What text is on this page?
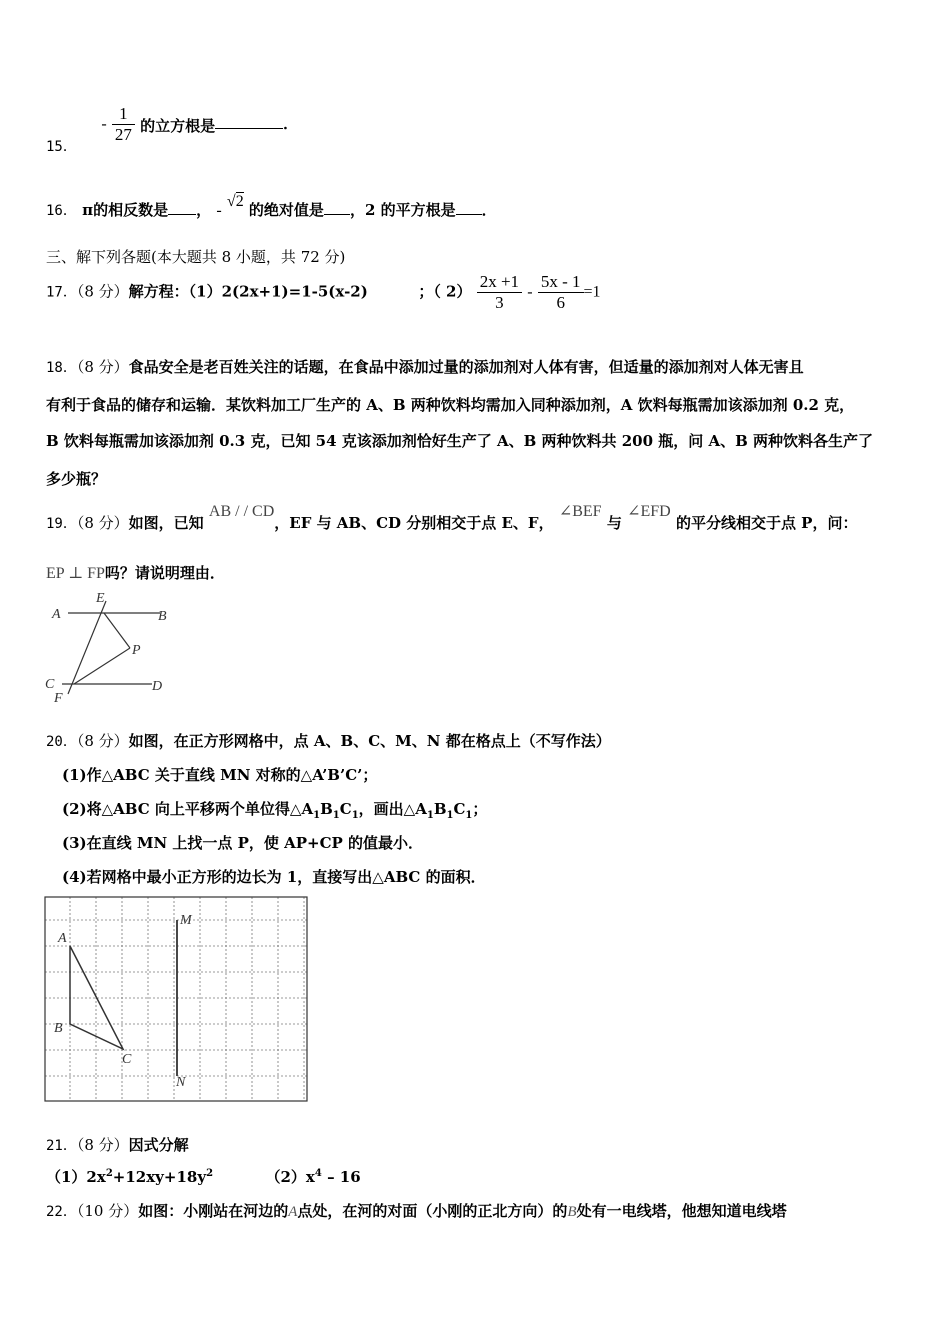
15．  - $\frac{1}{27}$ 的立方根是	．
16． π的相反数是 ， - √2 的绝对值是 ，2 的平方根是 ．
三、解下列各题(本大题共 8 小题，共 72 分)
17．（8 分）解方程：（1）2(2x+1)=1-5(x-2)	；（ $2) \frac{2x +1}{3} - \frac{5x - 1}{6} =1$
18．（8 分）食品安全是老百姓关注的话题，在食品中添加过量的添加剂对人体有害，但适量的添加剂对人体无害且
有利于食品的储存和运输．某饮料加工厂生产的 A、B 两种饮料均需加入同种添加剂，A 饮料每瓶需加该添加剂 0.2 克，
B 饮料每瓶需加该添加剂 0.3 克，已知 54 克该添加剂恰好生产了 A、B 两种饮料共 200 瓶，问 A、B 两种饮料各生产了
多少瓶？
19．（8 分）如图，已知 AB / / CD，EF 与 AB、CD 分别相交于点 E、F， ∠BEF 与 ∠EFD 的平分线相交于点 P，问：
EP ⊥ FP吗？请说明理由．
A
E
B
P
C
F
D
20．（8 分）如图，在正方形网格中，点 A、B、C、M、N 都在格点上（不写作法）
(1)作△ABC 关于直线 MN 对称的△A’B’C’；
(2)将△ABC 向上平移两个单位得$\triangle A_1B_1C_1$，画出$\triangle A_1B_1C_1$；
(3)在直线 MN 上找一点 P，使 AP+CP 的值最小．
(4)若网格中最小正方形的边长为 1，直接写出△ABC 的面积．
A
B
C
M
N
21．（8 分）因式分解
$(1)2x^2+12xy+18y^2$	$(2)x^4 - 16$
22．（10 分）如图：小刚站在河边的A点处，在河的对面（小刚的正北方向）的B处有一电线塔，他想知道电线塔
